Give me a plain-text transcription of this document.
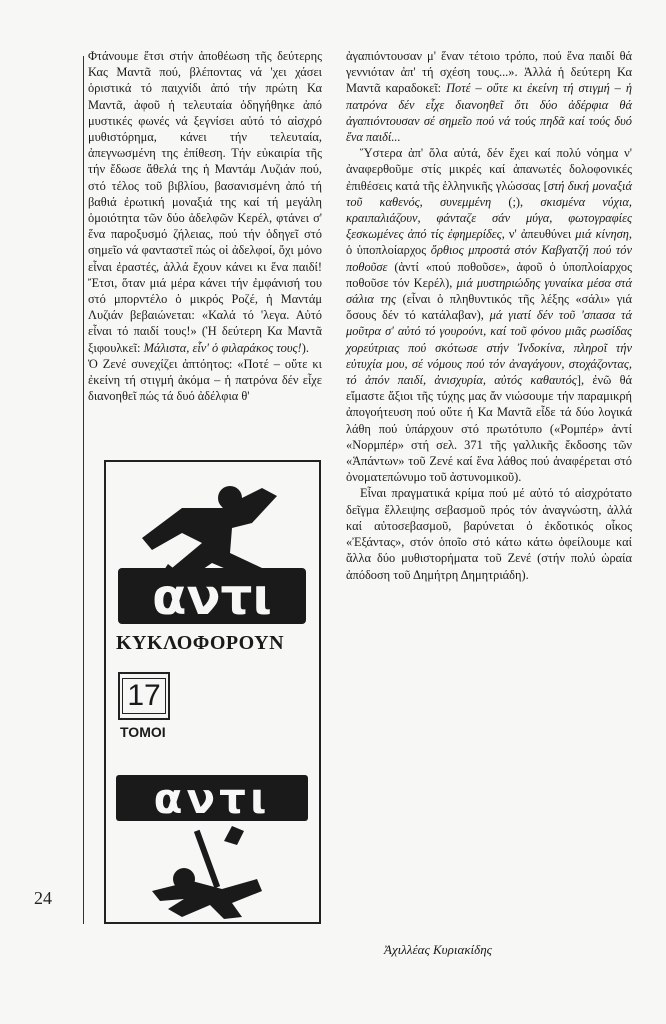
24

Φτάνουμε ἔτσι στήν ἀποθέωση τῆς δεύτερης Κας Μαντᾶ πού, βλέποντας νά 'χει χάσει ὁριστικά τό παιχνίδι ἀπό τήν πρώτη Κα Μαντᾶ, ἀφοῦ ἡ τελευταία ὁδηγήθηκε ἀπό μυστικές φωνές νά ξεγνίσει αὐτό τό αἰσχρό μυθιστόρημα, κάνει τήν τελευταία, ἀπεγνωσμένη της ἐπίθεση. Τήν εὐκαιρία τῆς τήν ἔδωσε ἄθελά της ἡ Μαντάμ Λυζιάν πού, στό τέλος τοῦ βιβλίου, βασανισμένη ἀπό τή βαθιά ἐρωτική μοναξιά της καί τή μεγάλη ὁμοιότητα τῶν δύο ἀδελφῶν Κερέλ, φτάνει σ' ἕνα παροξυσμό ζήλειας, πού τήν ὁδηγεῖ στό σημεῖο νά φανταστεῖ πώς οἱ ἀδελφοί, ὄχι μόνο εἶναι ἐραστές, ἀλλά ἔχουν κάνει κι ἕνα παιδί! Ἔτσι, ὅταν μιά μέρα κάνει τήν ἐμφάνισή του στό μπορντέλο ὁ μικρός Ροζέ, ἡ Μαντάμ Λυζιάν βεβαιώνεται: «Καλά τό 'λεγα. Αὐτό εἶναι τό παιδί τους!» (Ἡ δεύτερη Κα Μαντᾶ ξιφουλκεῖ: Μάλιστα, εἶν' ὁ φιλαράκος τους!).

Ὁ Ζενέ συνεχίζει ἀπτόητος: «Ποτέ – οὔτε κι ἐκείνη τή στιγμή ἀκόμα – ἡ πατρόνα δέν εἶχε διανοηθεῖ πώς τά δυό ἀδέλφια θ'

αντι
ΚΥΚΛΟΦΟΡΟΥΝ
17
ΤΟΜΟΙ
αντι

ἀγαπιόντουσαν μ' ἕναν τέτοιο τρόπο, πού ἕνα παιδί θά γεννιόταν ἀπ' τή σχέση τους...». Ἀλλά ἡ δεύτερη Κα Μαντᾶ καραδοκεῖ: Ποτέ – οὔτε κι ἐκείνη τή στιγμή – ἡ πατρόνα δέν εἶχε διανοηθεῖ ὅτι δύο ἀδέρφια θά ἀγαπιόντουσαν σέ σημεῖο πού νά τούς πηδᾶ καί τούς δυό ἕνα παιδί...

Ὕστερα ἀπ' ὅλα αὐτά, δέν ἔχει καί πολύ νόημα ν' ἀναφερθοῦμε στίς μικρές καί ἀπανωτές δολοφονικές ἐπιθέσεις κατά τῆς ἑλληνικῆς γλώσσας [στή δική μοναξιά τοῦ καθενός, συνεμμένη (;), σκισμένα νύχια, κραιπαλιάζουν, φάνταζε σάν μύγα, φωτογραφίες ξεσκωμένες ἀπό τίς ἐφημερίδες, ν' ἀπευθύνει μιά κίνηση, ὁ ὑποπλοίαρχος ὄρθιος μπροστά στόν Καβγατζή πού τόν ποθοῦσε (ἀντί «πού ποθοῦσε», ἀφοῦ ὁ ὑποπλοίαρχος ποθοῦσε τόν Κερέλ), μιά μυστηριώδης γυναίκα μέσα στά σάλια της (εἶναι ὁ πληθυντικός τῆς λέξης «σάλι» γιά ὅσους δέν τό κατάλαβαν), μά γιατί δέν τοῦ 'σπασα τά μοῦτρα σ' αὐτό τό γουρούνι, καί τοῦ φόνου μιᾶς ρωσίδας χορεύτριας πού σκότωσε στήν Ἰνδοκίνα, πληροῖ τήν εὐτυχία μου, σέ νόμους πού τόν ἀναγάγουν, στοχάζοντας, τό ἀπόν παιδί, ἀνισχυρία, αὐτός καθαυτός], ἐνῶ θά εἴμαστε ἄξιοι τῆς τύχης μας ἄν νιώσουμε τήν παραμικρή ἀπογοήτευση πού οὔτε ἡ Κα Μαντᾶ εἶδε τά δύο λογικά λάθη πού ὑπάρχουν στό πρωτότυπο («Ρομπέρ» ἀντί «Νορμπέρ» στή σελ. 371 τῆς γαλλικῆς ἔκδοσης τῶν «Ἁπάντων» τοῦ Ζενέ καί ἕνα λάθος πού ἀναφέρεται στό ὀνοματεπώνυμο τοῦ ἀστυνομικοῦ).

Εἶναι πραγματικά κρίμα πού μέ αὐτό τό αἰσχρότατο δεῖγμα ἔλλειψης σεβασμοῦ πρός τόν ἀναγνώστη, ἀλλά καί αὐτοσεβασμοῦ, βαρύνεται ὁ ἐκδοτικός οἶκος «Ἐξάντας», στόν ὁποῖο στό κάτω κάτω ὀφείλουμε καί ἄλλα δύο μυθιστορήματα τοῦ Ζενέ (στήν πολύ ὡραία ἀπόδοση τοῦ Δημήτρη Δημητριάδη).

Ἀχιλλέας Κυριακίδης
